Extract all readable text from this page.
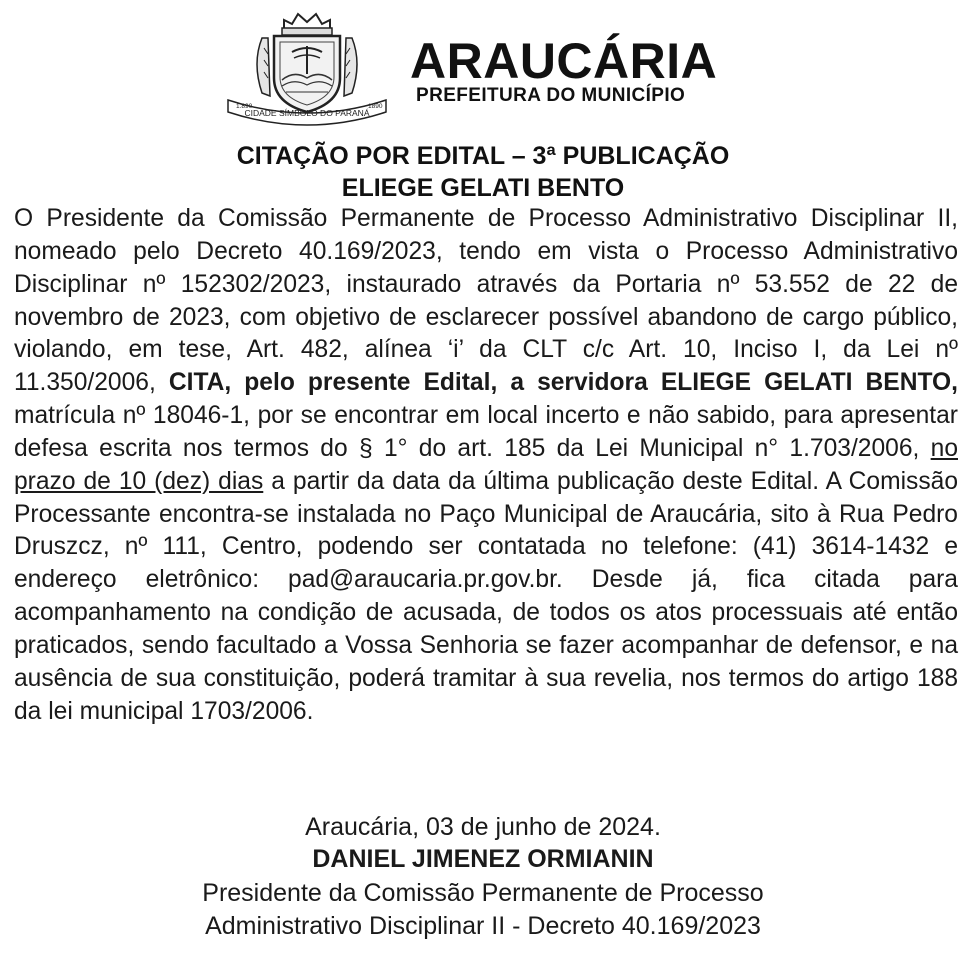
CIDADE SÍMBOLO DO PARANÁ
1.890	1890
ARAUCÁRIA
PREFEITURA DO MUNICÍPIO
CITAÇÃO POR EDITAL – 3ª PUBLICAÇÃO
ELIEGE GELATI BENTO
O Presidente da Comissão Permanente de Processo Administrativo Disciplinar II, nomeado pelo Decreto 40.169/2023, tendo em vista o Processo Administrativo Disciplinar nº 152302/2023, instaurado através da Portaria nº 53.552 de 22 de novembro de 2023, com objetivo de esclarecer possível abandono de cargo público, violando, em tese, Art. 482, alínea ‘i’ da CLT c/c Art. 10, Inciso I, da Lei nº 11.350/2006, CITA, pelo presente Edital, a servidora ELIEGE GELATI BENTO, matrícula nº 18046-1, por se encontrar em local incerto e não sabido, para apresentar defesa escrita nos termos do § 1° do art. 185 da Lei Municipal n° 1.703/2006, no prazo de 10 (dez) dias a partir da data da última publicação deste Edital. A Comissão Processante encontra-se instalada no Paço Municipal de Araucária, sito à Rua Pedro Druszcz, nº 111, Centro, podendo ser contatada no telefone: (41) 3614-1432 e endereço eletrônico: pad@araucaria.pr.gov.br. Desde já, fica citada para acompanhamento na condição de acusada, de todos os atos processuais até então praticados, sendo facultado a Vossa Senhoria se fazer acompanhar de defensor, e na ausência de sua constituição, poderá tramitar à sua revelia, nos termos do artigo 188 da lei municipal 1703/2006.
Araucária, 03 de junho de 2024.
DANIEL JIMENEZ ORMIANIN
Presidente da Comissão Permanente de Processo
Administrativo Disciplinar II - Decreto 40.169/2023
